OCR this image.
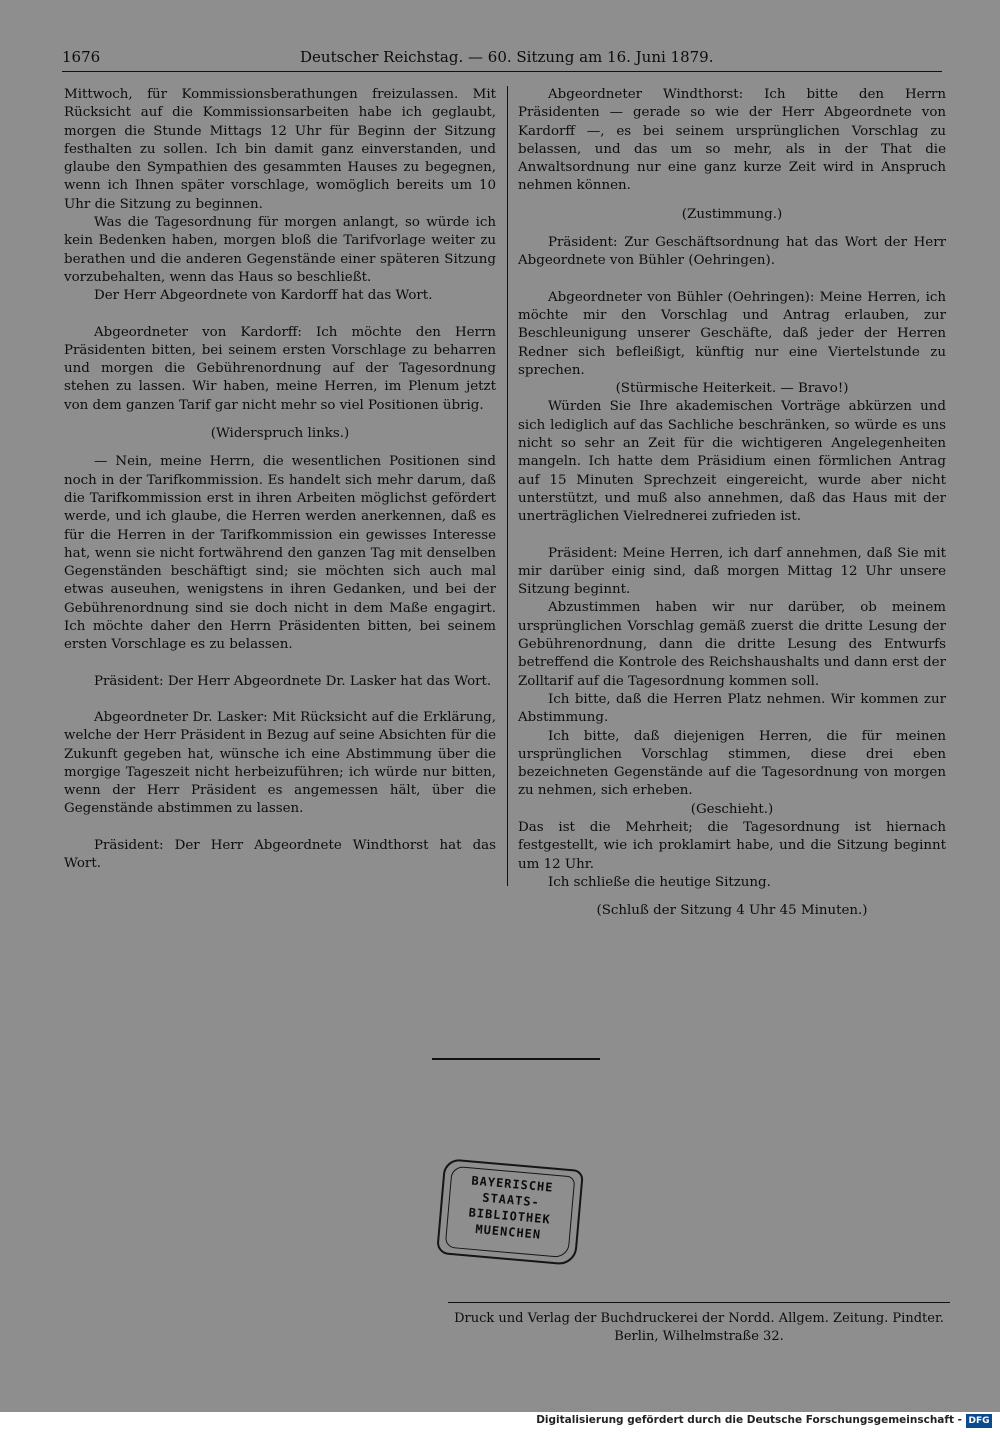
1676	Deutscher Reichstag. — 60. Sitzung am 16. Juni 1879.

Mittwoch, für Kommissionsberathungen freizulassen. Mit Rücksicht auf die Kommissionsarbeiten habe ich geglaubt, morgen die Stunde Mittags 12 Uhr für Beginn der Sitzung festhalten zu sollen. Ich bin damit ganz einverstanden, und glaube den Sympathien des gesammten Hauses zu begegnen, wenn ich Ihnen später vorschlage, womöglich bereits um 10 Uhr die Sitzung zu beginnen.

Was die Tagesordnung für morgen anlangt, so würde ich kein Bedenken haben, morgen bloß die Tarifvorlage weiter zu berathen und die anderen Gegenstände einer späteren Sitzung vorzubehalten, wenn das Haus so beschließt.

Der Herr Abgeordnete von Kardorff hat das Wort.

Abgeordneter von Kardorff: Ich möchte den Herrn Präsidenten bitten, bei seinem ersten Vorschlage zu beharren und morgen die Gebührenordnung auf der Tagesordnung stehen zu lassen. Wir haben, meine Herren, im Plenum jetzt von dem ganzen Tarif gar nicht mehr so viel Positionen übrig.

(Widerspruch links.)

— Nein, meine Herrn, die wesentlichen Positionen sind noch in der Tarifkommission. Es handelt sich mehr darum, daß die Tarifkommission erst in ihren Arbeiten möglichst gefördert werde, und ich glaube, die Herren werden anerkennen, daß es für die Herren in der Tarifkommission ein gewisses Interesse hat, wenn sie nicht fortwährend den ganzen Tag mit denselben Gegenständen beschäftigt sind; sie möchten sich auch mal etwas auseuhen, wenigstens in ihren Gedanken, und bei der Gebührenordnung sind sie doch nicht in dem Maße engagirt. Ich möchte daher den Herrn Präsidenten bitten, bei seinem ersten Vorschlage es zu belassen.

Präsident: Der Herr Abgeordnete Dr. Lasker hat das Wort.

Abgeordneter Dr. Lasker: Mit Rücksicht auf die Erklärung, welche der Herr Präsident in Bezug auf seine Absichten für die Zukunft gegeben hat, wünsche ich eine Abstimmung über die morgige Tageszeit nicht herbeizuführen; ich würde nur bitten, wenn der Herr Präsident es angemessen hält, über die Gegenstände abstimmen zu lassen.

Präsident: Der Herr Abgeordnete Windthorst hat das Wort.

Abgeordneter Windthorst: Ich bitte den Herrn Präsidenten — gerade so wie der Herr Abgeordnete von Kardorff —, es bei seinem ursprünglichen Vorschlag zu belassen, und das um so mehr, als in der That die Anwaltsordnung nur eine ganz kurze Zeit wird in Anspruch nehmen können.

(Zustimmung.)

Präsident: Zur Geschäftsordnung hat das Wort der Herr Abgeordnete von Bühler (Oehringen).

Abgeordneter von Bühler (Oehringen): Meine Herren, ich möchte mir den Vorschlag und Antrag erlauben, zur Beschleunigung unserer Geschäfte, daß jeder der Herren Redner sich befleißigt, künftig nur eine Viertelstunde zu sprechen.

(Stürmische Heiterkeit. — Bravo!)

Würden Sie Ihre akademischen Vorträge abkürzen und sich lediglich auf das Sachliche beschränken, so würde es uns nicht so sehr an Zeit für die wichtigeren Angelegenheiten mangeln. Ich hatte dem Präsidium einen förmlichen Antrag auf 15 Minuten Sprechzeit eingereicht, wurde aber nicht unterstützt, und muß also annehmen, daß das Haus mit der unerträglichen Vielrednerei zufrieden ist.

Präsident: Meine Herren, ich darf annehmen, daß Sie mit mir darüber einig sind, daß morgen Mittag 12 Uhr unsere Sitzung beginnt.

Abzustimmen haben wir nur darüber, ob meinem ursprünglichen Vorschlag gemäß zuerst die dritte Lesung der Gebührenordnung, dann die dritte Lesung des Entwurfs betreffend die Kontrole des Reichshaushalts und dann erst der Zolltarif auf die Tagesordnung kommen soll.

Ich bitte, daß die Herren Platz nehmen. Wir kommen zur Abstimmung.

Ich bitte, daß diejenigen Herren, die für meinen ursprünglichen Vorschlag stimmen, diese drei eben bezeichneten Gegenstände auf die Tagesordnung von morgen zu nehmen, sich erheben.

(Geschieht.)

Das ist die Mehrheit; die Tagesordnung ist hiernach festgestellt, wie ich proklamirt habe, und die Sitzung beginnt um 12 Uhr.

Ich schließe die heutige Sitzung.

(Schluß der Sitzung 4 Uhr 45 Minuten.)

BAYERISCHE
STAATS-
BIBLIOTHEK
MUENCHEN
Druck und Verlag der Buchdruckerei der Nordd. Allgem. Zeitung. Pindter.
Berlin, Wilhelmstraße 32.
Digitalisierung gefördert durch die Deutsche Forschungsgemeinschaft - DFG
